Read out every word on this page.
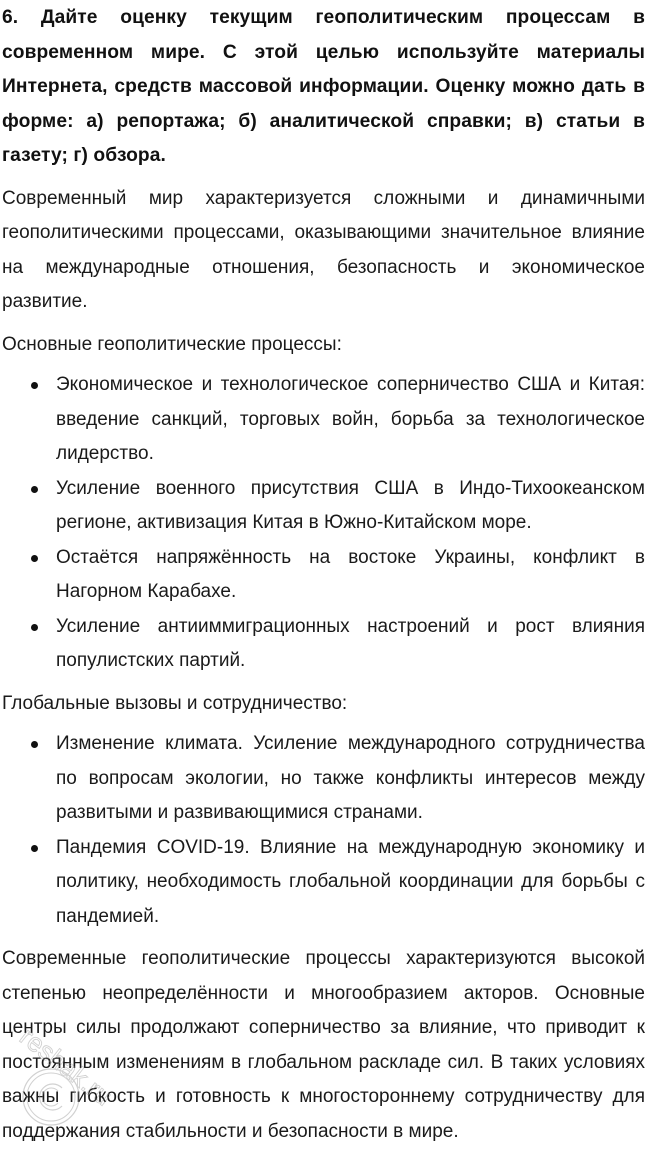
6. Дайте оценку текущим геополитическим процессам в современном мире. С этой целью используйте материалы Интернета, средств массовой информации. Оценку можно дать в форме: а) репортажа; б) аналитической справки; в) статьи в газету; г) обзора.

Современный мир характеризуется сложными и динамичными геополитическими процессами, оказывающими значительное влияние на международные отношения, безопасность и экономическое развитие.

Основные геополитические процессы:

Экономическое и технологическое соперничество США и Китая: введение санкций, торговых войн, борьба за технологическое лидерство.
Усиление военного присутствия США в Индо-Тихоокеанском регионе, активизация Китая в Южно-Китайском море.
Остаётся напряжённость на востоке Украины, конфликт в Нагорном Карабахе.
Усиление антииммиграционных настроений и рост влияния популистских партий.

Глобальные вызовы и сотрудничество:

Изменение климата. Усиление международного сотрудничества по вопросам экологии, но также конфликты интересов между развитыми и развивающимися странами.
Пандемия COVID-19. Влияние на международную экономику и политику, необходимость глобальной координации для борьбы с пандемией.

Современные геополитические процессы характеризуются высокой степенью неопределённости и многообразием акторов. Основные центры силы продолжают соперничество за влияние, что приводит к постоянным изменениям в глобальном раскладе сил. В таких условиях важны гибкость и готовность к многостороннему сотрудничеству для поддержания стабильности и безопасности в мире.

reshak.ru
